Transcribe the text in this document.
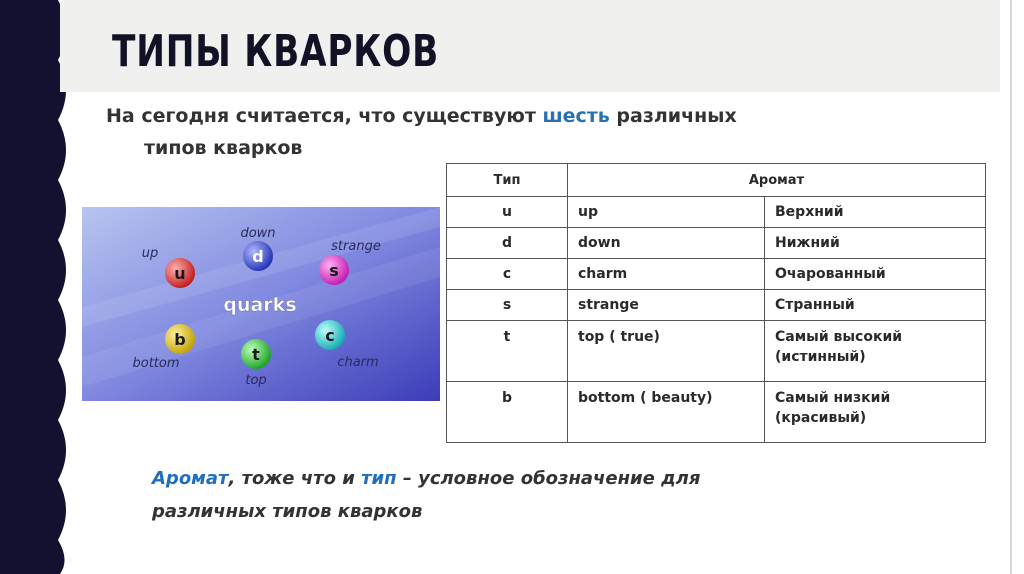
ТИПЫ КВАРКОВ
На сегодня считается, что существуют шесть различных
типов кварков
quarks
u
up	d
down
s
strange
b
bottom	t
top
c
charm
Тип	Аромат	
u	up	Верхний
d	down	Нижний
c	charm	Очарованный
s	strange	Странный
t	top ( true)	Самый высокий (истинный)
b	bottom ( beauty)	Самый низкий (красивый)
Аромат, тоже что и тип – условное обозначение для
различных типов кварков
